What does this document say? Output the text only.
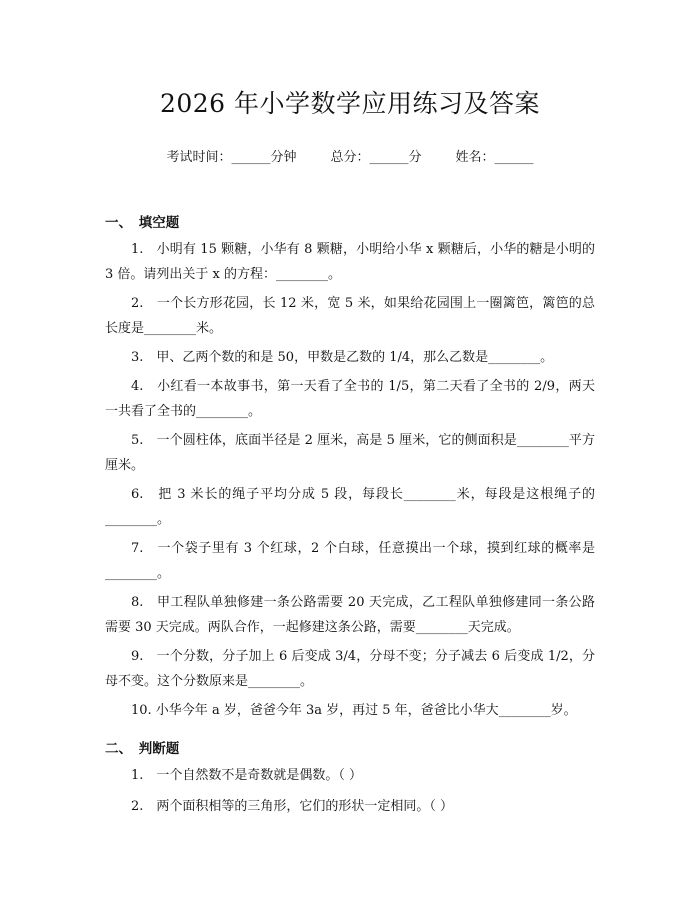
2026 年小学数学应用练习及答案
考试时间：______分钟	总分：______分	姓名：______
一、　填空题

1.　小明有 15 颗糖，小华有 8 颗糖，小明给小华 x 颗糖后，小华的糖是小明的 3 倍。请列出关于 x 的方程：________。

2.　一个长方形花园，长 12 米，宽 5 米，如果给花园围上一圈篱笆，篱笆的总长度是________米。

3.　甲、乙两个数的和是 50，甲数是乙数的 1/4，那么乙数是________。

4.　小红看一本故事书，第一天看了全书的 1/5，第二天看了全书的 2/9，两天一共看了全书的________。

5.　一个圆柱体，底面半径是 2 厘米，高是 5 厘米，它的侧面积是________平方厘米。

6.　把 3 米长的绳子平均分成 5 段，每段长________米，每段是这根绳子的________。

7.　一个袋子里有 3 个红球，2 个白球，任意摸出一个球，摸到红球的概率是________。

8.　甲工程队单独修建一条公路需要 20 天完成，乙工程队单独修建同一条公路需要 30 天完成。两队合作，一起修建这条公路，需要________天完成。

9.　一个分数，分子加上 6 后变成 3/4，分母不变；分子减去 6 后变成 1/2，分母不变。这个分数原来是________。

10. 小华今年 a 岁，爸爸今年 3a 岁，再过 5 年，爸爸比小华大________岁。

二、　判断题

1.　一个自然数不是奇数就是偶数。（ ）

2.　两个面积相等的三角形，它们的形状一定相同。（ ）
